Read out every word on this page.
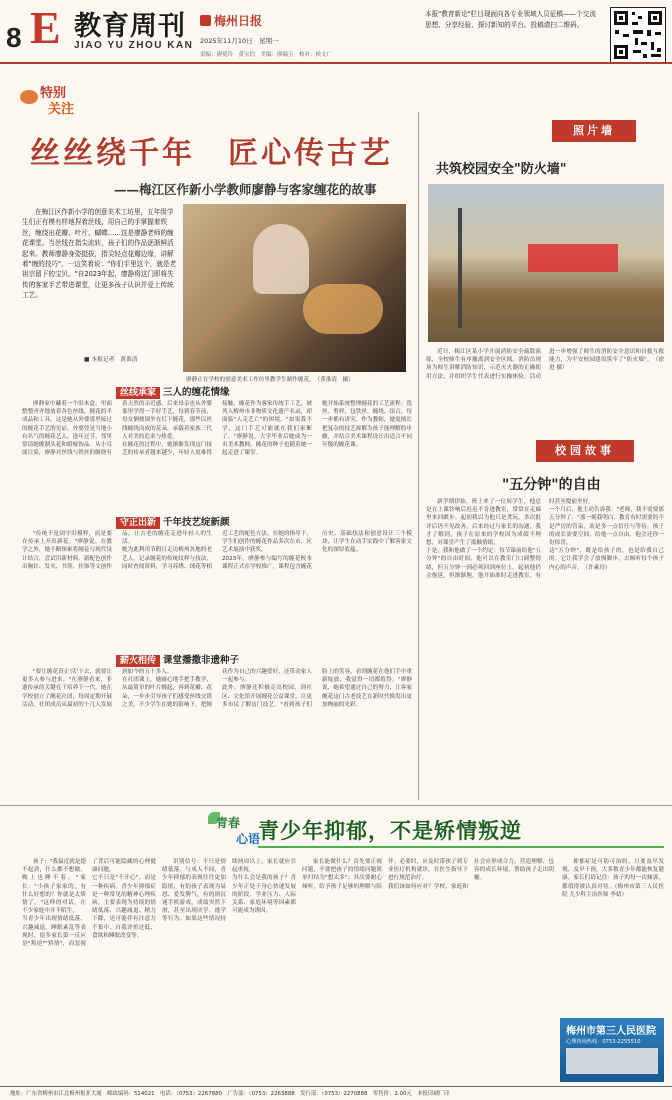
8 E 教育周刊
JIAO YU ZHOU KAN
梅州日报
2025年11月10日　星期一
责编：廖冕玲　黄宝信　美编：廖瑞玉　校对：侯文广
本报"教育新论"栏目现面向各专业领域人员征稿——个交流思想、分享经验、探讨新知的平台。投稿请扫二维码。
特别
关注
丝丝绕千年　匠心传古艺
——梅江区作新小学教师廖静与客家缠花的故事

在梅江区作新小学的创意美术工坊里，五年级学生们正有模有样地捏着丝线，用自己的手掌握着铁丝，缠绕出花瓣、叶片、蝴蝶……这是廖静老师的缠花课堂。当丝线在指尖流转，孩子们的作品逐渐鲜活起来。教师廖静身姿挺拔，指尖轻点花瓣边缘，讲解着"缠的技巧"，一边笑着说："你们手里这个，就是老祖宗留下的宝贝。"自2023年起，廖静将这门即将失传的客家手艺带进课堂，让更多孩子认识并爱上传统工艺。

■ 本报记者　黄淮清
廖静正在学校的创意美术工作坊里教学生制作缠花。　（黄淮清　摄）
丝线承家 三人的缠花情缘

廖静家中藏着一个旧木盒，里面整整齐齐地放着各色丝线、缠花的半成品和工具。这是她从外婆那里接过的缠花手艺的见证。外婆曾是当地小有名气的缠花艺人，逢年过节，邻里常请她缠制头花和婚嫁饰品。从小耳濡目染，廖静对丝线与铁丝的缠绕有着天然的亲近感。后来母亲也从外婆那里学得一手好手艺，每到春节前，母女俩便围坐在灯下缠花，那些以丝线缠绕而成的花朵，承载着家族三代人对美的追求与热爱。
在缠花的过程中，她渐渐发现这门技艺的传承者越来越少，年轻人更难得接触。缠花作为客家传统手工艺，被列入梅州市非物质文化遗产名录，却面临"人走艺亡"的困境。"如果我不学，这门手艺可能就在我们家断了。"廖静说。大学毕业后她成为一名美术教师，缠花的种子也随着她一起走进了课堂。
她开始系统整理缠花的工艺流程：选丝、剪样、包铁丝、缠绕、组合，每一步都有讲究。作为教师，她更擅长把复杂的技艺拆解为孩子能理解的步骤，并结合美术课程设计出适合不同年级的缠花课。

守正出新 千年技艺绽新颜

"传统不是固守旧模样，而是要在传承上开出新花。"廖静说。在教学之外，她不断探索将缠花与现代设计结合，尝试用新材料、新配色创作出胸针、发夹、书签、挂饰等文创作品，让古老的缠花走进年轻人的生活。
她为此利用节假日走访梅州各地的老艺人，记录缠花的传统纹样与技法，同时查阅资料，学习苏绣、绒花等相近工艺的配色方法。在她的指导下，学生们创作的缠花作品多次在市、区艺术展演中获奖。
2023年，廖静参与编写的缠花校本课程正式在学校推广，课程包含缠花历史、基础技法和创意设计三个模块，让学生在动手实践中了解客家文化的深厚底蕴。

薪火相传 课堂播撒非遗种子

"要让缠花真正'活'下去，就要让更多人参与进来。"在廖静看来，非遗传承的关键在于培养下一代。她在学校创立了缠花社团，每周定期开展活动，社团成员从最初的十几人发展到如今的五十多人。
在社团课上，她耐心地手把手教学，从最简单的叶片缠起，再到花瓣、花朵，一步步引导孩子们感受丝线交错之美。不少学生在她的影响下，把缠花作为自己的兴趣爱好，还带动家人一起参与。
此外，廖静还积极走出校园，到社区、文化馆开展缠花公益课堂，让更多市民了解这门技艺。"看到孩子们脸上的笑容，看到缠花在他们手中重新绽放，我觉得一切都值得。"廖静说，她希望通过自己的努力，让客家缠花这门古老技艺在新时代焕发出更加绚丽的光彩。

照片墙
共筑校园安全"防火墙"

近日，梅江区某小学开展消防安全疏散演练，全校师生有序撤离到安全区域。消防员现场为师生讲解消防知识，示范灭火器的正确使用方法，并组织学生代表进行实操体验。活动进一步增强了师生的消防安全意识和自救互救能力，为平安校园建设筑牢了"防火墙"。　（徐进 摄）

校园故事
"五分钟"的自由

新学期伊始，班上来了一位转学生，他总是在上课铃响后迟迟不肯进教室，常常在走廊里来回踱步。起初我以为他只是贪玩，多次批评后仍不见改善。后来经过与家长的沟通，我才了解到，孩子在原来的学校因为成绩不理想，对课堂产生了抵触情绪。
于是，我和他做了一个约定：每节课前给他"五分钟"的自由时间，他可以在教室门口调整情绪，但五分钟一到必须回到座位上。起初他仍会拖延，但渐渐地，他开始准时走进教室，有时甚至提前坐好。
一个月后，他主动告诉我："老师，我不需要那五分钟了。"那一刻我明白，教育有时需要的不是严厉的管束，而是多一点信任与等待。孩子的成长需要空间，给他一点自由，他会还你一份惊喜。
这"五分钟"，既是给孩子的，也是给我自己的。它让我学会了放慢脚步，去倾听每个孩子内心的声音。　（许素玲）

青春
心语
青少年抑郁，不是矫情叛逆

孩子："我最近就是提不起劲，什么都不想做，晚上也睡不着。"家长："小孩子家家的，有什么好想的？你就是太矫情了。"这样的对话，在不少家庭中并不陌生。
当青少年出现情绪低落、兴趣减退、睡眠紊乱等表现时，很多家长第一反应是"叛逆""矫情"，而忽视了背后可能隐藏的心理健康问题。
它不只是"不开心"，而是一种疾病。青少年抑郁症是一种常见的精神心理疾病，主要表现为持续的情绪低落、兴趣减退、精力下降，还可能伴有注意力不集中、自我评价过低、食欲和睡眠改变等。

识别信号：不只是情绪低落。与成人不同，青少年抑郁的表现往往更加隐匿，有的孩子表现为易怒、爱发脾气，有的则沉迷手机游戏，成绩突然下滑，甚至出现厌学、逃学等行为。如果这些情况持续两周以上，家长就应引起重视。
为什么会是我的孩子？青少年正处于身心快速发展的阶段，学业压力、人际关系、家庭环境等因素都可能成为诱因。

家长能做什么？首先要正视问题，不要把孩子的情绪问题简单归结为"想太多"；其次要耐心倾听，给予孩子足够的理解与陪伴；必要时，应及时带孩子到专业医疗机构就诊，在医生指导下进行规范治疗。
我们该如何应对？学校、家庭和社会应形成合力，营造理解、包容的成长环境，帮助孩子走出阴霾。

抑郁症是可防可治的。只要及早发现、及早干预，大多数青少年都能恢复健康。家长们请记住：孩子的每一次倾诉，都值得被认真对待。（梅州市第三人民医院 儿少科主治医师 李婧）

梅州市第三人民医院
心理咨询热线：0753-2255510
地址：广东省梅州市江北梅州报业大厦　邮政编码：514021　电话：（0753）2267880　广告部：（0753）2263888　发行部：（0753）2270888　零售价：2.00元　本报印刷厂印
